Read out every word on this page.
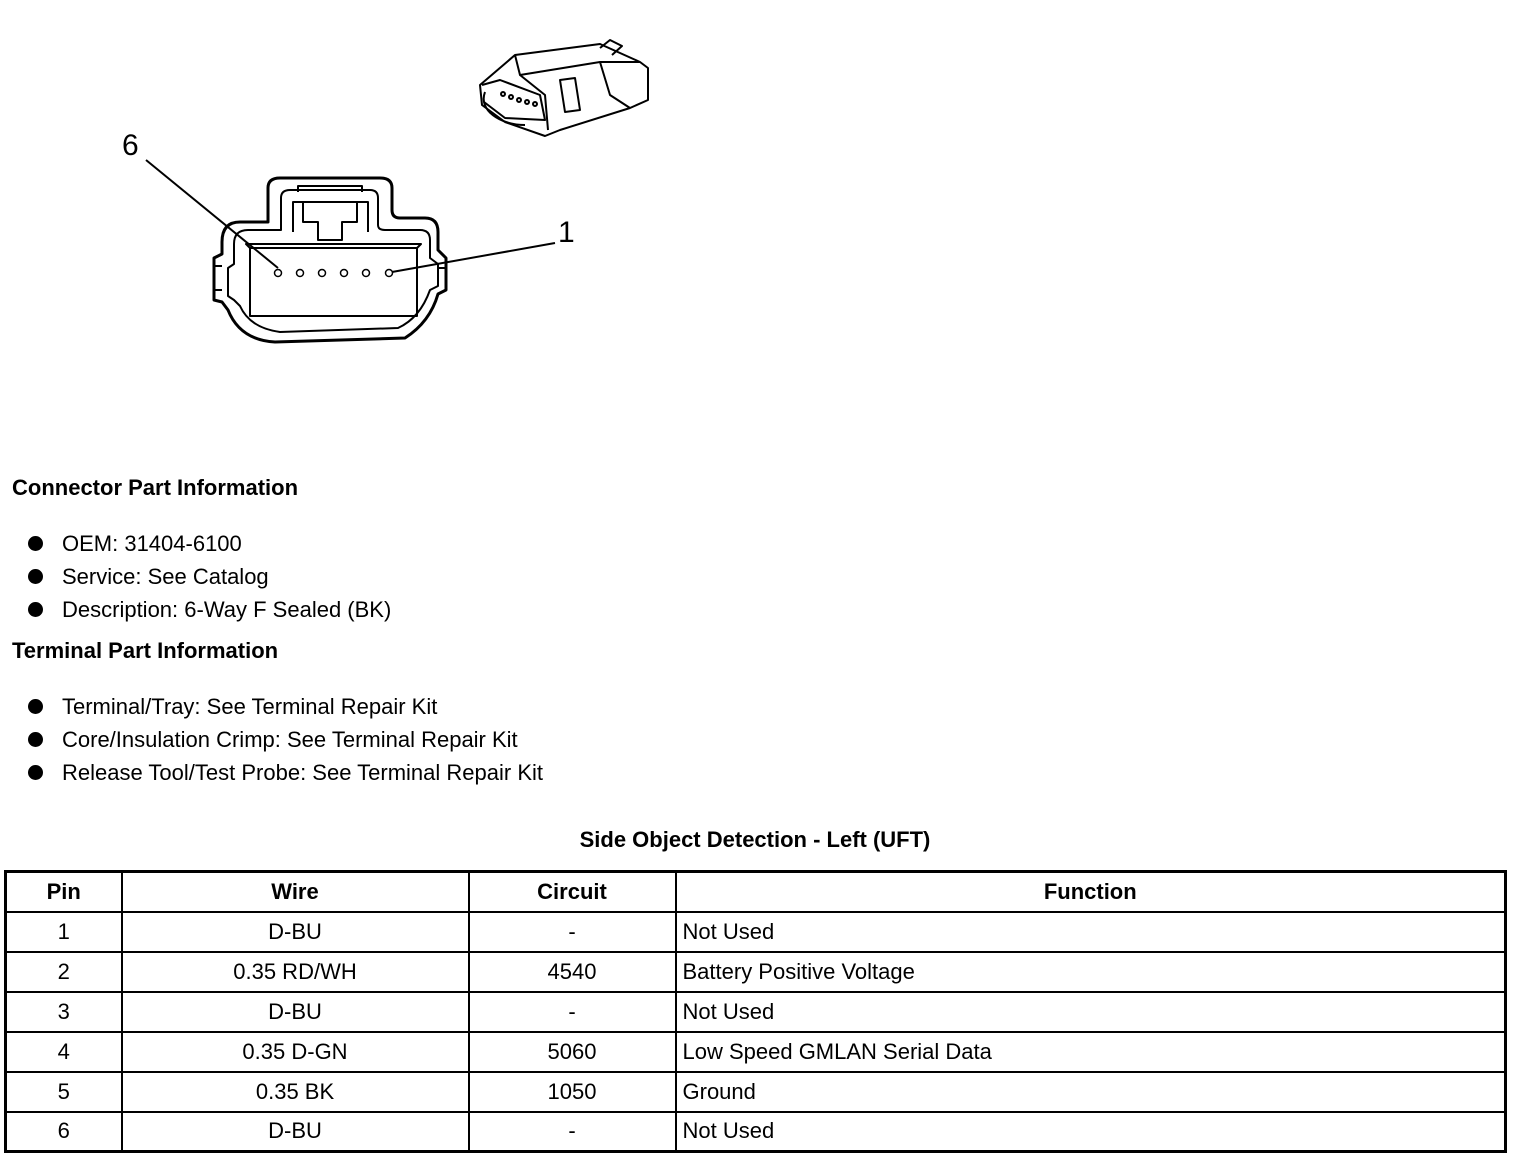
6
1
Connector Part Information
OEM: 31404-6100
Service: See Catalog
Description: 6-Way F Sealed (BK)
Terminal Part Information
Terminal/Tray: See Terminal Repair Kit
Core/Insulation Crimp: See Terminal Repair Kit
Release Tool/Test Probe: See Terminal Repair Kit
Side Object Detection - Left (UFT)
Pin	Wire	Circuit	Function
1	D-BU	-	Not Used
2	0.35 RD/WH	4540	Battery Positive Voltage
3	D-BU	-	Not Used
4	0.35 D-GN	5060	Low Speed GMLAN Serial Data
5	0.35 BK	1050	Ground
6	D-BU	-	Not Used
